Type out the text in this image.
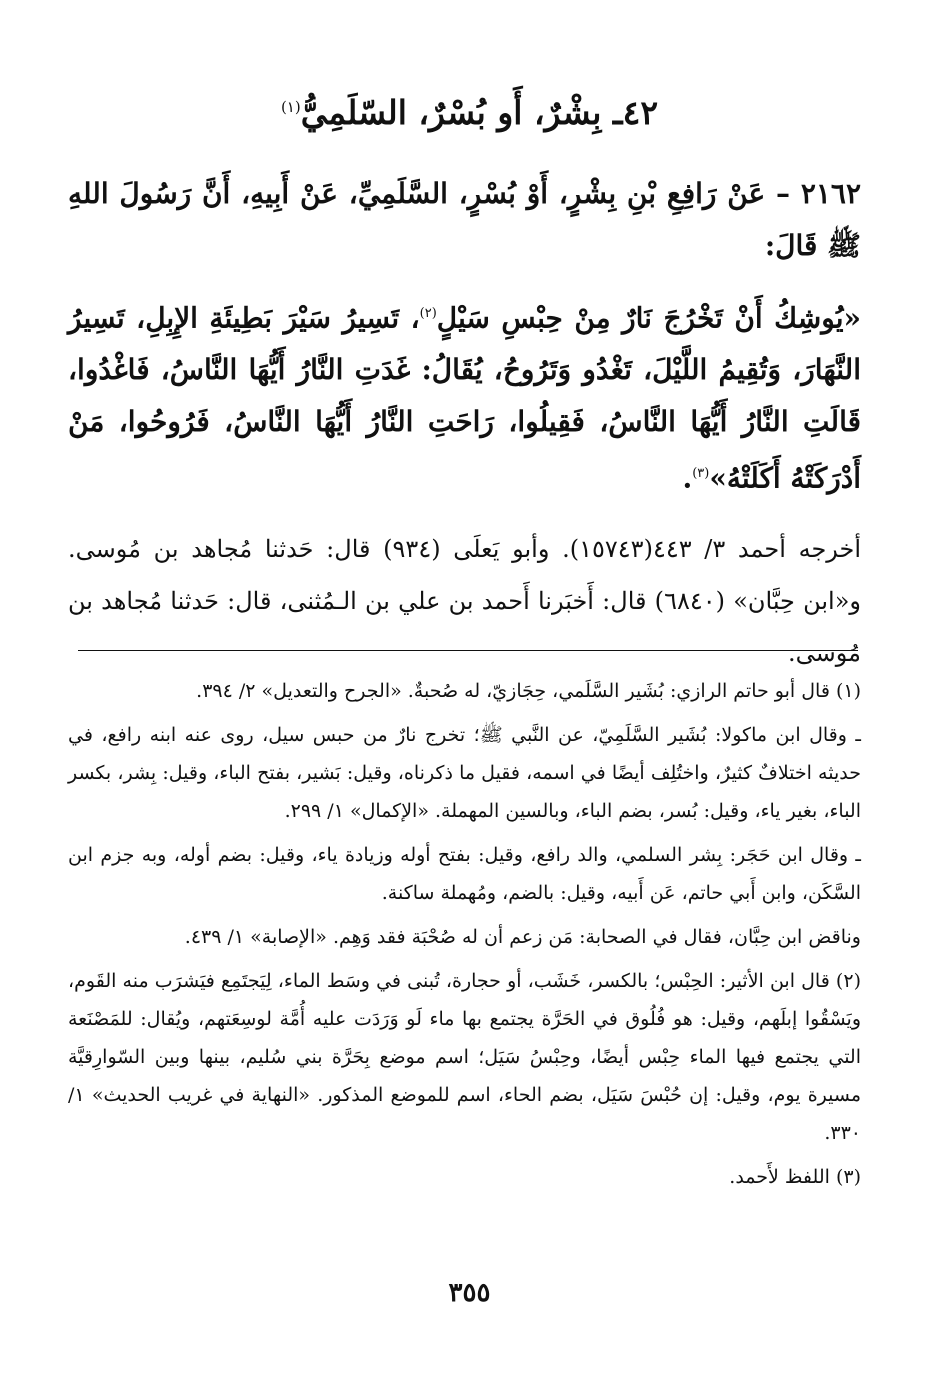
٤٢ـ بِشْرٌ، أَو بُسْرٌ، السّلَمِيُّ$^{(١)}$

٢١٦٢ – عَنْ رَافِعِ بْنِ بِشْرٍ، أَوْ بُسْرٍ، السَّلَمِيِّ، عَنْ أَبِيهِ، أَنَّ رَسُولَ اللهِ ﷺ قَالَ:

«يُوشِكُ أَنْ تَخْرُجَ نَارٌ مِنْ حِبْسِ سَيْلٍ$^{(٢)}$، تَسِيرُ سَيْرَ بَطِيئَةِ الإِبِلِ، تَسِيرُ النَّهَارَ، وَتُقِيمُ اللَّيْلَ، تَغْدُو وَتَرُوحُ، يُقَالُ: غَدَتِ النَّارُ أَيُّهَا النَّاسُ، فَاغْدُوا، قَالَتِ النَّارُ أَيُّهَا النَّاسُ، فَقِيلُوا، رَاحَتِ النَّارُ أَيُّهَا النَّاسُ، فَرُوحُوا، مَنْ أَدْرَكَتْهُ أَكَلَتْهُ»$^{(٣)}$.

أخرجه أحمد ٣/ ٤٤٣(١٥٧٤٣). وأبو يَعلَى (٩٣٤) قال: حَدثنا مُجاهد بن مُوسى. و«ابن حِبَّان» (٦٨٤٠) قال: أَخبَرنا أَحمد بن علي بن الـمُثنى، قال: حَدثنا مُجاهد بن مُوسى.

(١) قال أبو حاتم الرازي: بُشَير السَّلَمي، حِجَازيّ، له صُحبةٌ. «الجرح والتعديل» ٢/ ٣٩٤.

ـ وقال ابن ماكولا: بُشَير السَّلَمِيّ، عن النَّبي ﷺ؛ تخرج نارٌ من حبس سيل، روى عنه ابنه رافع، في حديثه اختلافٌ كثيرٌ، واختُلِف أيضًا في اسمه، فقيل ما ذكرناه، وقيل: بَشير، بفتح الباء، وقيل: بِشر، بكسر الباء، بغير ياء، وقيل: بُسر، بضم الباء، وبالسين المهملة. «الإكمال» ١/ ٢٩٩.

ـ وقال ابن حَجَر: بِشر السلمي، والد رافع، وقيل: بفتح أوله وزيادة ياء، وقيل: بضم أوله، وبه جزم ابن السَّكَن، وابن أَبي حاتم، عَن أَبيه، وقيل: بالضم، ومُهملة ساكنة.

وناقض ابن حِبَّان، فقال في الصحابة: مَن زعم أن له صُحْبَة فقد وَهِم. «الإصابة» ١/ ٤٣٩.

(٢) قال ابن الأثير: الحِبْس؛ بالكسر، خَشَب، أو حجارة، تُبنى في وسَط الماء، لِيَجتَمِع فيَشرَب منه القَوم، ويَسْقُوا إبلَهم، وقيل: هو فُلُوق في الحَرَّة يجتمع بها ماء لَو وَرَدَت عليه أُمَّة لوسِعَتهم، ويُقال: للمَصْنَعة التي يجتمع فيها الماء حِبْس أيضًا، وحِبْسُ سَيَل؛ اسم موضع بِحَرَّة بني سُليم، بينها وبين السّوارِقيَّة مسيرة يوم، وقيل: إن حُبْسَ سَيَل، بضم الحاء، اسم للموضع المذكور. «النهاية في غريب الحديث» ١/ ٣٣٠.

(٣) اللفظ لأَحمد.

٣٥٥
